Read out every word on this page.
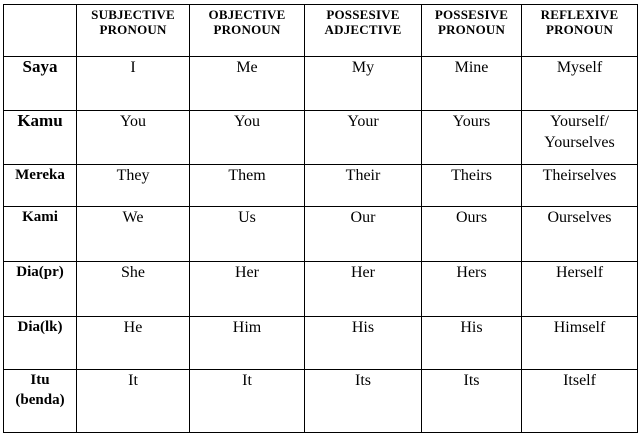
	SUBJECTIVE PRONOUN	OBJECTIVE PRONOUN	POSSESIVE ADJECTIVE	POSSESIVE PRONOUN	REFLEXIVE PRONOUN
Saya	I	Me	My	Mine	Myself
Kamu	You	You	Your	Yours	Yourself/ Yourselves
Mereka	They	Them	Their	Theirs	Theirselves
Kami	We	Us	Our	Ours	Ourselves
Dia(pr)	She	Her	Her	Hers	Herself
Dia(lk)	He	Him	His	His	Himself
Itu (benda)	It	It	Its	Its	Itself
